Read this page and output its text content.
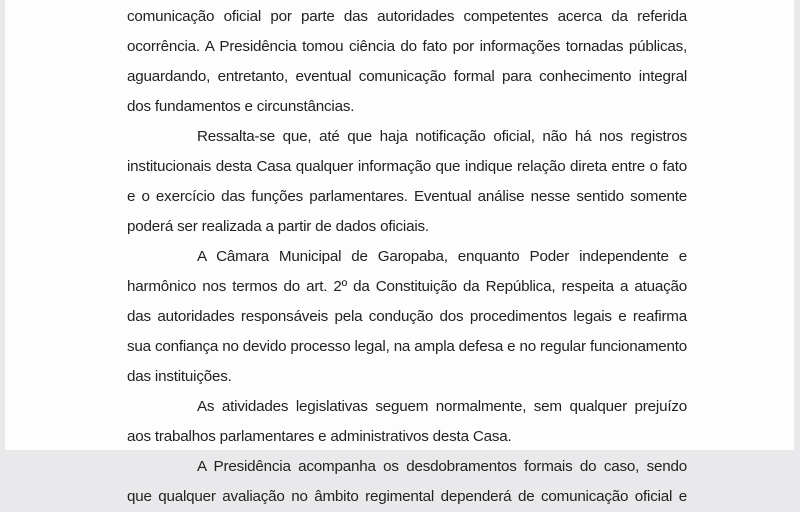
comunicação oficial por parte das autoridades competentes acerca da referida
ocorrência. A Presidência tomou ciência do fato por informações tornadas públicas,
aguardando, entretanto, eventual comunicação formal para conhecimento integral
dos fundamentos e circunstâncias.

Ressalta-se que, até que haja notificação oficial, não há nos registros
institucionais desta Casa qualquer informação que indique relação direta entre o fato
e o exercício das funções parlamentares. Eventual análise nesse sentido somente
poderá ser realizada a partir de dados oficiais.

A Câmara Municipal de Garopaba, enquanto Poder independente e
harmônico nos termos do art. 2º da Constituição da República, respeita a atuação
das autoridades responsáveis pela condução dos procedimentos legais e reafirma
sua confiança no devido processo legal, na ampla defesa e no regular funcionamento
das instituições.

As atividades legislativas seguem normalmente, sem qualquer prejuízo
aos trabalhos parlamentares e administrativos desta Casa.

A Presidência acompanha os desdobramentos formais do caso, sendo
que qualquer avaliação no âmbito regimental dependerá de comunicação oficial e
